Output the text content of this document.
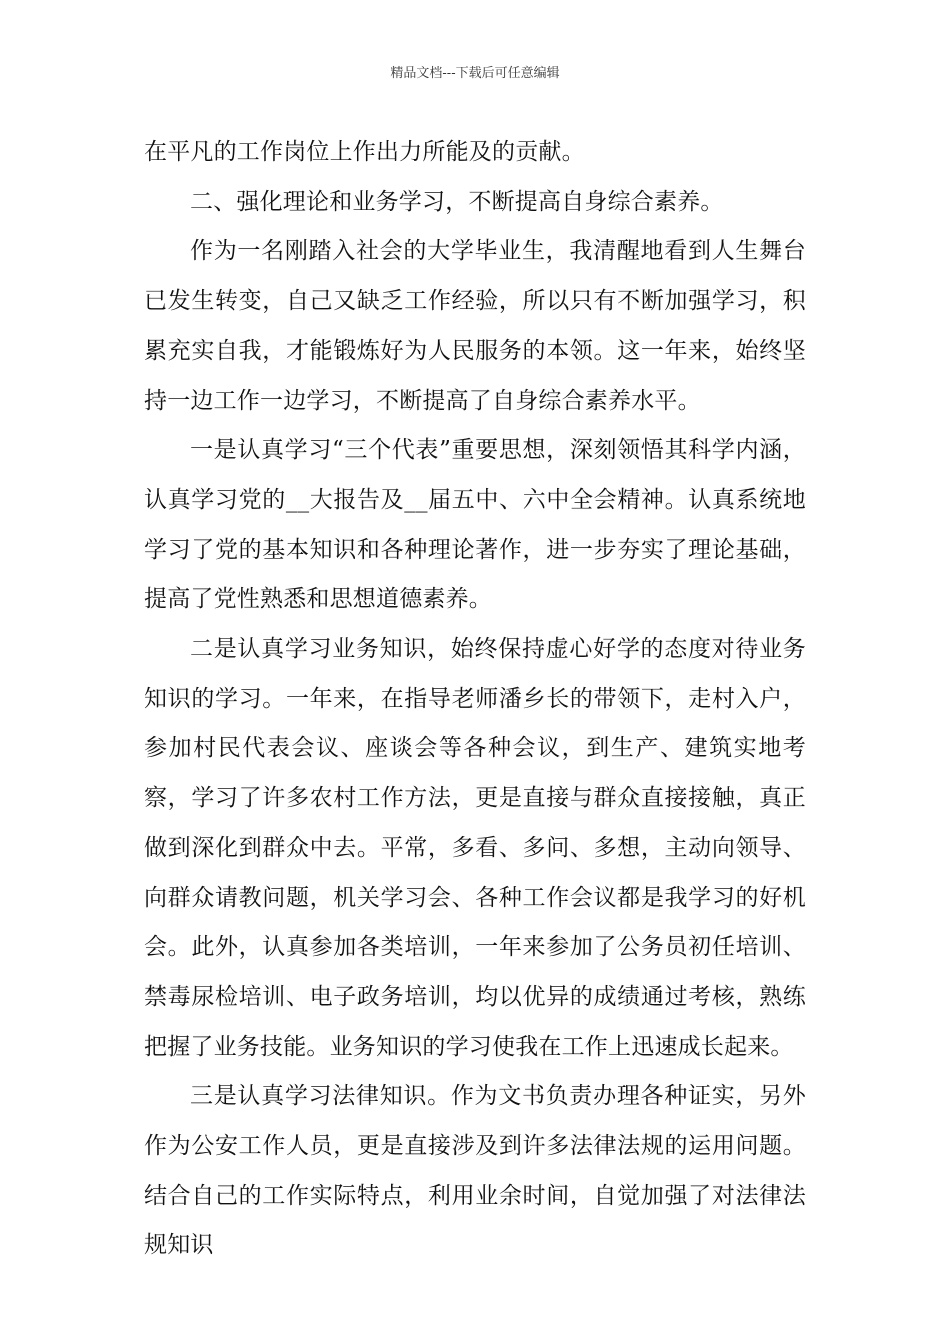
精品文档---下载后可任意编辑

在平凡的工作岗位上作出力所能及的贡献。

二、强化理论和业务学习，不断提高自身综合素养。

作为一名刚踏入社会的大学毕业生，我清醒地看到人生舞台已发生转变，自己又缺乏工作经验，所以只有不断加强学习，积累充实自我，才能锻炼好为人民服务的本领。这一年来，始终坚持一边工作一边学习，不断提高了自身综合素养水平。

一是认真学习“三个代表”重要思想，深刻领悟其科学内涵，认真学习党的__大报告及__届五中、六中全会精神。认真系统地学习了党的基本知识和各种理论著作，进一步夯实了理论基础，提高了党性熟悉和思想道德素养。

二是认真学习业务知识，始终保持虚心好学的态度对待业务知识的学习。一年来，在指导老师潘乡长的带领下，走村入户，参加村民代表会议、座谈会等各种会议，到生产、建筑实地考察，学习了许多农村工作方法，更是直接与群众直接接触，真正做到深化到群众中去。平常，多看、多问、多想，主动向领导、向群众请教问题，机关学习会、各种工作会议都是我学习的好机会。此外，认真参加各类培训，一年来参加了公务员初任培训、禁毒尿检培训、电子政务培训，均以优异的成绩通过考核，熟练把握了业务技能。业务知识的学习使我在工作上迅速成长起来。

三是认真学习法律知识。作为文书负责办理各种证实，另外作为公安工作人员，更是直接涉及到许多法律法规的运用问题。结合自己的工作实际特点，利用业余时间，自觉加强了对法律法规知识
